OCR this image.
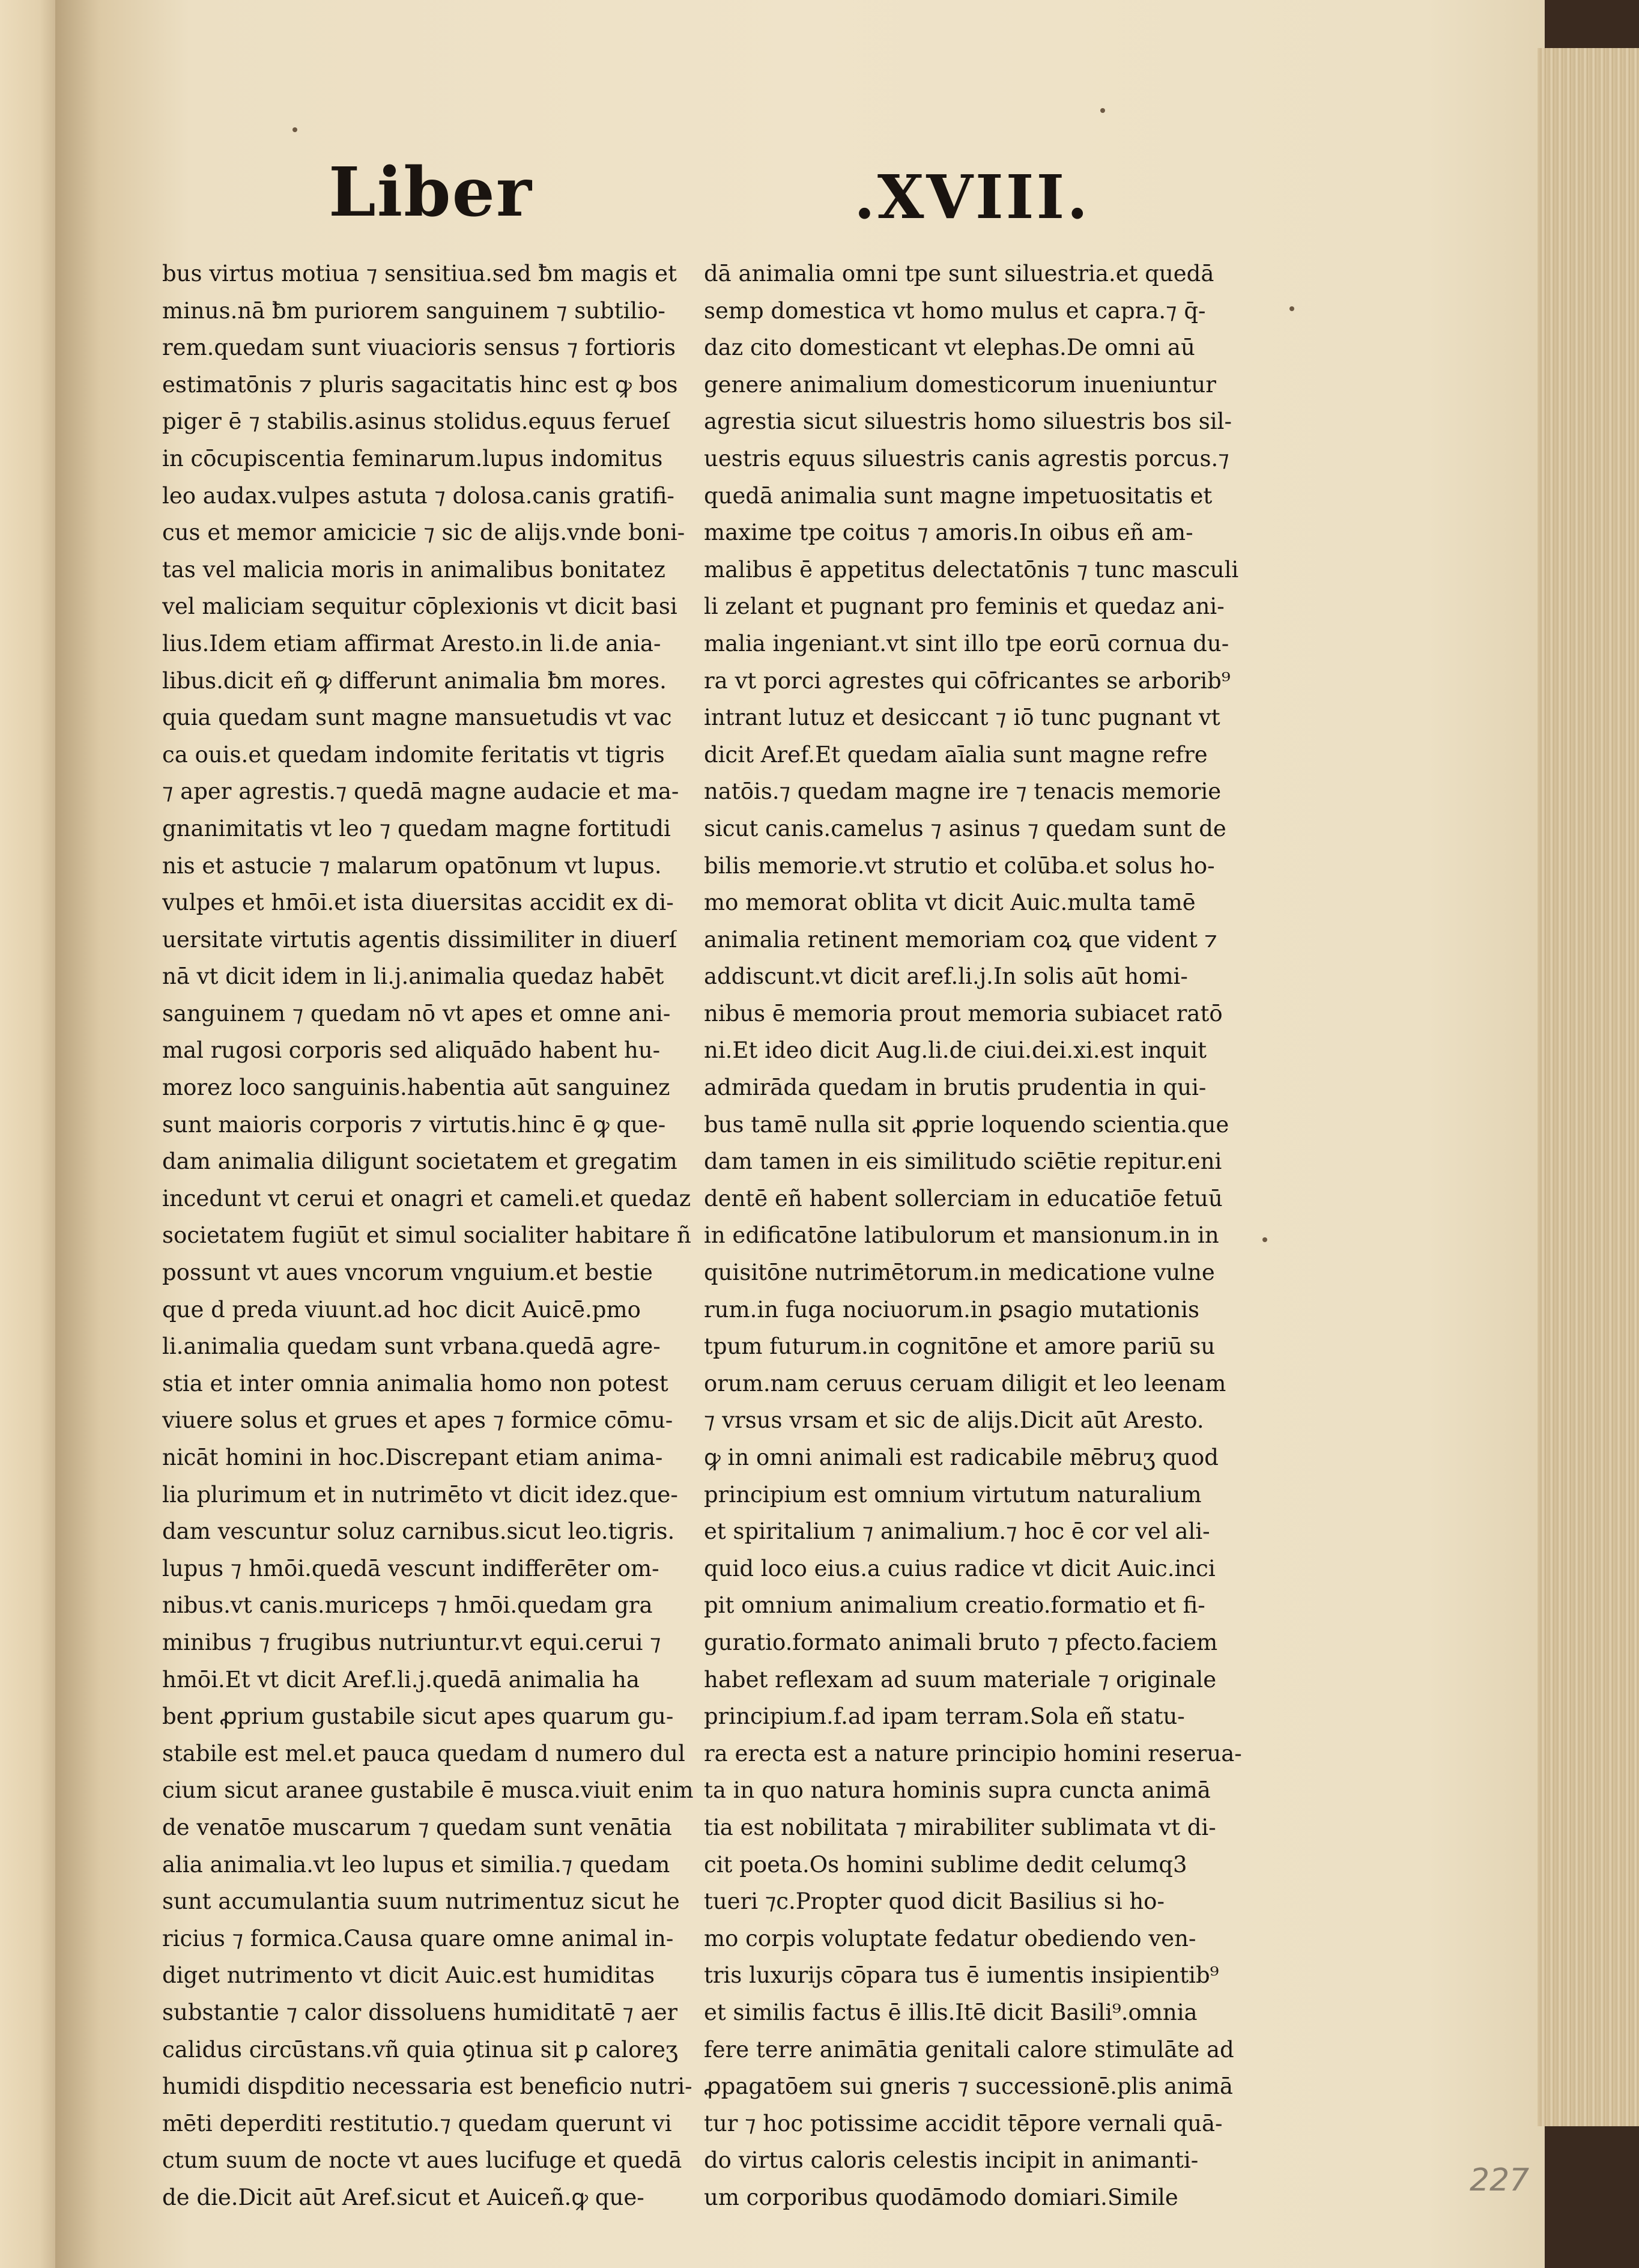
Liber	.XVIII.
bus virtus motiua ⁊ sensitiua.sed ƀm magis et
minus.nā ƀm puriorem sanguinem ⁊ subtilio-
rem.quedam sunt viuacioris sensus ⁊ fortioris
estimatōnis ⁊ pluris sagacitatis hinc est ꝙ bos
piger ē ⁊ stabilis.asinus stolidus.equus ferueſ
in cōcupiscentia feminarum.lupus indomitus
leo audax.vulpes astuta ⁊ dolosa.canis gratifi-
cus et memor amicicie ⁊ sic de alijs.vnde boni-
tas vel malicia moris in animalibus bonitatez
vel maliciam sequitur cōplexionis vt dicit basi
lius.Idem etiam affirmat Aresto.in li.de ania-
libus.dicit eñ ꝙ differunt animalia ƀm mores.
quia quedam sunt magne mansuetudis vt vac
ca ouis.et quedam indomite feritatis vt tigris
⁊ aper agrestis.⁊ quedā magne audacie et ma-
gnanimitatis vt leo ⁊ quedam magne fortitudi
nis et astucie ⁊ malarum opatōnum vt lupus.
vulpes et hmōi.et ista diuersitas accidit ex di-
uersitate virtutis agentis dissimiliter in diuerſ
nā vt dicit idem in li.j.animalia quedaz habēt
sanguinem ⁊ quedam nō vt apes et omne ani-
mal rugosi corporis sed aliquādo habent hu-
morez loco sanguinis.habentia aūt sanguinez
sunt maioris corporis ⁊ virtutis.hinc ē ꝙ que-
dam animalia diligunt societatem et gregatim
incedunt vt cerui et onagri et cameli.et quedaz
societatem fugiūt et simul socialiter habitare ñ
possunt vt aues vncorum vnguium.et bestie
que d preda viuunt.ad hoc dicit Auicē.pmo
li.animalia quedam sunt vrbana.quedā agre-
stia et inter omnia animalia homo non potest
viuere solus et grues et apes ⁊ formice cōmu-
nicāt homini in hoc.Discrepant etiam anima-
lia plurimum et in nutrimēto vt dicit idez.que-
dam vescuntur soluz carnibus.sicut leo.tigris.
lupus ⁊ hmōi.quedā vescunt indifferēter om-
nibus.vt canis.muriceps ⁊ hmōi.quedam gra
minibus ⁊ frugibus nutriuntur.vt equi.cerui ⁊
hmōi.Et vt dicit Aref.li.j.quedā animalia ha
bent ꝓprium gustabile sicut apes quarum gu-
stabile est mel.et pauca quedam d numero dul
cium sicut aranee gustabile ē musca.viuit enim
de venatōe muscarum ⁊ quedam sunt venātia
alia animalia.vt leo lupus et similia.⁊ quedam
sunt accumulantia suum nutrimentuz sicut he
ricius ⁊ formica.Causa quare omne animal in-
diget nutrimento vt dicit Auic.est humiditas
substantie ⁊ calor dissoluens humiditatē ⁊ aer
calidus circūstans.vñ quia ꝯtinua sit ꝑ caloreʒ
humidi dispditio necessaria est beneficio nutri-
mēti deperditi restitutio.⁊ quedam querunt vi
ctum suum de nocte vt aues lucifuge et quedā
de die.Dicit aūt Aref.sicut et Auiceñ.ꝙ que-
dā animalia omni tpe sunt siluestria.et quedā
semp domestica vt homo mulus et capra.⁊ q̄-
daz cito domesticant vt elephas.De omni aū
genere animalium domesticorum inueniuntur
agrestia sicut siluestris homo siluestris bos sil-
uestris equus siluestris canis agrestis porcus.⁊
quedā animalia sunt magne impetuositatis et
maxime tpe coitus ⁊ amoris.In oibus eñ am-
malibus ē appetitus delectatōnis ⁊ tunc masculi
li zelant et pugnant pro feminis et quedaz ani-
malia ingeniant.vt sint illo tpe eorū cornua du-
ra vt porci agrestes qui cōfricantes se arborib⁹
intrant lutuz et desiccant ⁊ iō tunc pugnant vt
dicit Aref.Et quedam aīalia sunt magne refre
natōis.⁊ quedam magne ire ⁊ tenacis memorie
sicut canis.camelus ⁊ asinus ⁊ quedam sunt de
bilis memorie.vt strutio et colūba.et solus ho-
mo memorat oblita vt dicit Auic.multa tamē
animalia retinent memoriam coꝝ que vident ⁊
addiscunt.vt dicit aref.li.j.In solis aūt homi-
nibus ē memoria prout memoria subiacet ratō
ni.Et ideo dicit Aug.li.de ciui.dei.xi.est inquit
admirāda quedam in brutis prudentia in qui-
bus tamē nulla sit ꝓprie loquendo scientia.que
dam tamen in eis similitudo sciētie repitur.eni
dentē eñ habent sollerciam in educatiōe fetuū
in edificatōne latibulorum et mansionum.in in
quisitōne nutrimētorum.in medicatione vulne
rum.in fuga nociuorum.in ꝑsagio mutationis
tpum futurum.in cognitōne et amore pariū su
orum.nam ceruus ceruam diligit et leo leenam
⁊ vrsus vrsam et sic de alijs.Dicit aūt Aresto.
ꝙ in omni animali est radicabile mēbruʒ quod
principium est omnium virtutum naturalium
et spiritalium ⁊ animalium.⁊ hoc ē cor vel ali-
quid loco eius.a cuius radice vt dicit Auic.inci
pit omnium animalium creatio.formatio et fi-
guratio.formato animali bruto ⁊ pfecto.faciem
habet reflexam ad suum materiale ⁊ originale
principium.f.ad ipam terram.Sola eñ statu-
ra erecta est a nature principio homini reserua-
ta in quo natura hominis supra cuncta animā
tia est nobilitata ⁊ mirabiliter sublimata vt di-
cit poeta.Os homini sublime dedit celumq3
tueri ⁊c.Propter quod dicit Basilius si ho-
mo corpis voluptate fedatur obediendo ven-
tris luxurijs cōpara tus ē iumentis insipientib⁹
et similis factus ē illis.Itē dicit Basili⁹.omnia
fere terre animātia genitali calore stimulāte ad
ꝓpagatōem sui gneris ⁊ successionē.plis animā
tur ⁊ hoc potissime accidit tēpore vernali quā-
do virtus caloris celestis incipit in animanti-
um corporibus quodāmodo domiari.Simile	227
